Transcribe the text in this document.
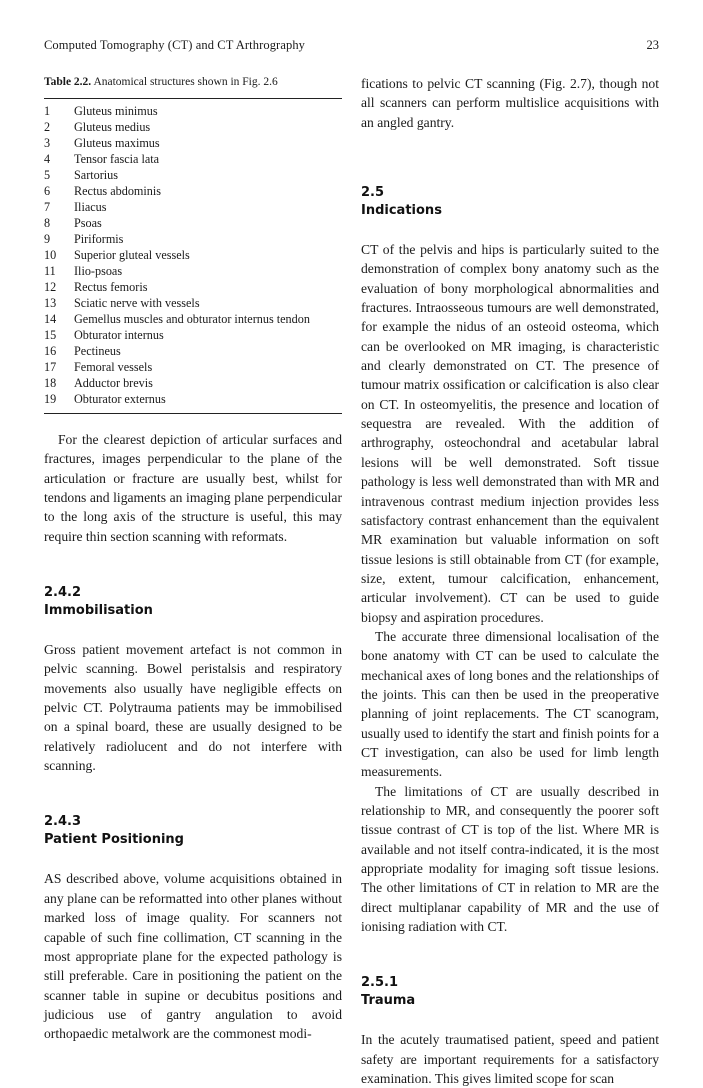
Computed Tomography (CT) and CT Arthrography	23
Table 2.2. Anatomical structures shown in Fig. 2.6
1	Gluteus minimus
2	Gluteus medius
3	Gluteus maximus
4	Tensor fascia lata
5	Sartorius
6	Rectus abdominis
7	Iliacus
8	Psoas
9	Piriformis
10	Superior gluteal vessels
11	Ilio-psoas
12	Rectus femoris
13	Sciatic nerve with vessels
14	Gemellus muscles and obturator internus tendon
15	Obturator internus
16	Pectineus
17	Femoral vessels
18	Adductor brevis
19	Obturator externus

For the clearest depiction of articular surfaces and fractures, images perpendicular to the plane of the articulation or fracture are usually best, whilst for tendons and ligaments an imaging plane perpendicular to the long axis of the structure is useful, this may require thin section scanning with reformats.

2.4.2
Immobilisation

Gross patient movement artefact is not common in pelvic scanning. Bowel peristalsis and respiratory movements also usually have negligible effects on pelvic CT. Polytrauma patients may be immobilised on a spinal board, these are usually designed to be relatively radiolucent and do not interfere with scanning.

2.4.3
Patient Positioning

AS described above, volume acquisitions obtained in any plane can be reformatted into other planes without marked loss of image quality. For scanners not capable of such fine collimation, CT scanning in the most appropriate plane for the expected pathology is still preferable. Care in positioning the patient on the scanner table in supine or decubitus positions and judicious use of gantry angulation to avoid orthopaedic metalwork are the commonest modi-

fications to pelvic CT scanning (Fig. 2.7), though not all scanners can perform multislice acquisitions with an angled gantry.

2.5
Indications

CT of the pelvis and hips is particularly suited to the demonstration of complex bony anatomy such as the evaluation of bony morphological abnormalities and fractures. Intraosseous tumours are well demonstrated, for example the nidus of an osteoid osteoma, which can be overlooked on MR imaging, is characteristic and clearly demonstrated on CT. The presence of tumour matrix ossification or calcification is also clear on CT. In osteomyelitis, the presence and location of sequestra are revealed. With the addition of arthrography, osteochondral and acetabular labral lesions will be well demonstrated. Soft tissue pathology is less well demonstrated than with MR and intravenous contrast medium injection provides less satisfactory contrast enhancement than the equivalent MR examination but valuable information on soft tissue lesions is still obtainable from CT (for example, size, extent, tumour calcification, enhancement, articular involvement). CT can be used to guide biopsy and aspiration procedures.

The accurate three dimensional localisation of the bone anatomy with CT can be used to calculate the mechanical axes of long bones and the relationships of the joints. This can then be used in the preoperative planning of joint replacements. The CT scanogram, usually used to identify the start and finish points for a CT investigation, can also be used for limb length measurements.

The limitations of CT are usually described in relationship to MR, and consequently the poorer soft tissue contrast of CT is top of the list. Where MR is available and not itself contra-indicated, it is the most appropriate modality for imaging soft tissue lesions. The other limitations of CT in relation to MR are the direct multiplanar capability of MR and the use of ionising radiation with CT.

2.5.1
Trauma

In the acutely traumatised patient, speed and patient safety are important requirements for a satisfactory examination. This gives limited scope for scan
